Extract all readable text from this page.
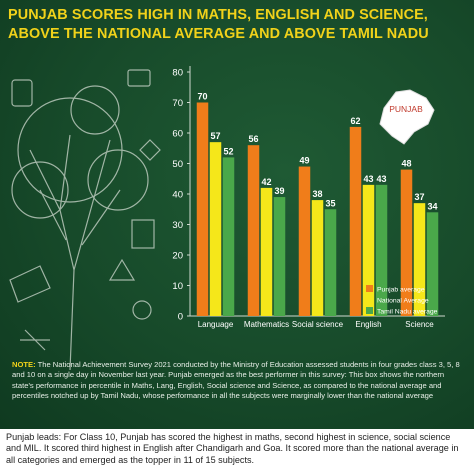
PUNJAB SCORES HIGH IN MATHS, ENGLISH AND SCIENCE,
ABOVE THE NATIONAL AVERAGE AND ABOVE TAMIL NADU
PUNJAB
0
10
20
30
40
50
60
70
80
70
57
52
Language
56
42
39
Mathematics
49
38
35
Social science
62
43 43
English
48
37
34
Science
Punjab average
National Average
Tamil Nadu average
NOTE: The National Achievement Survey 2021 conducted by the Ministry of Education assessed students in four grades class 3, 5, 8 and 10 on a single day in November last year. Punjab emerged as the best performer in this survey: This box shows the northern state's performance in percentile in Maths, Lang, English, Social science and Science, as compared to the national average and percentiles notched up by Tamil Nadu, whose performance in all the subjects were marginally lower than the national average
Punjab leads: For Class 10, Punjab has scored the highest in maths, second highest in science, social science and MIL. It scored third highest in English after Chandigarh and Goa. It scored more than the national average in all categories and emerged as the topper in 11 of 15 subjects.
